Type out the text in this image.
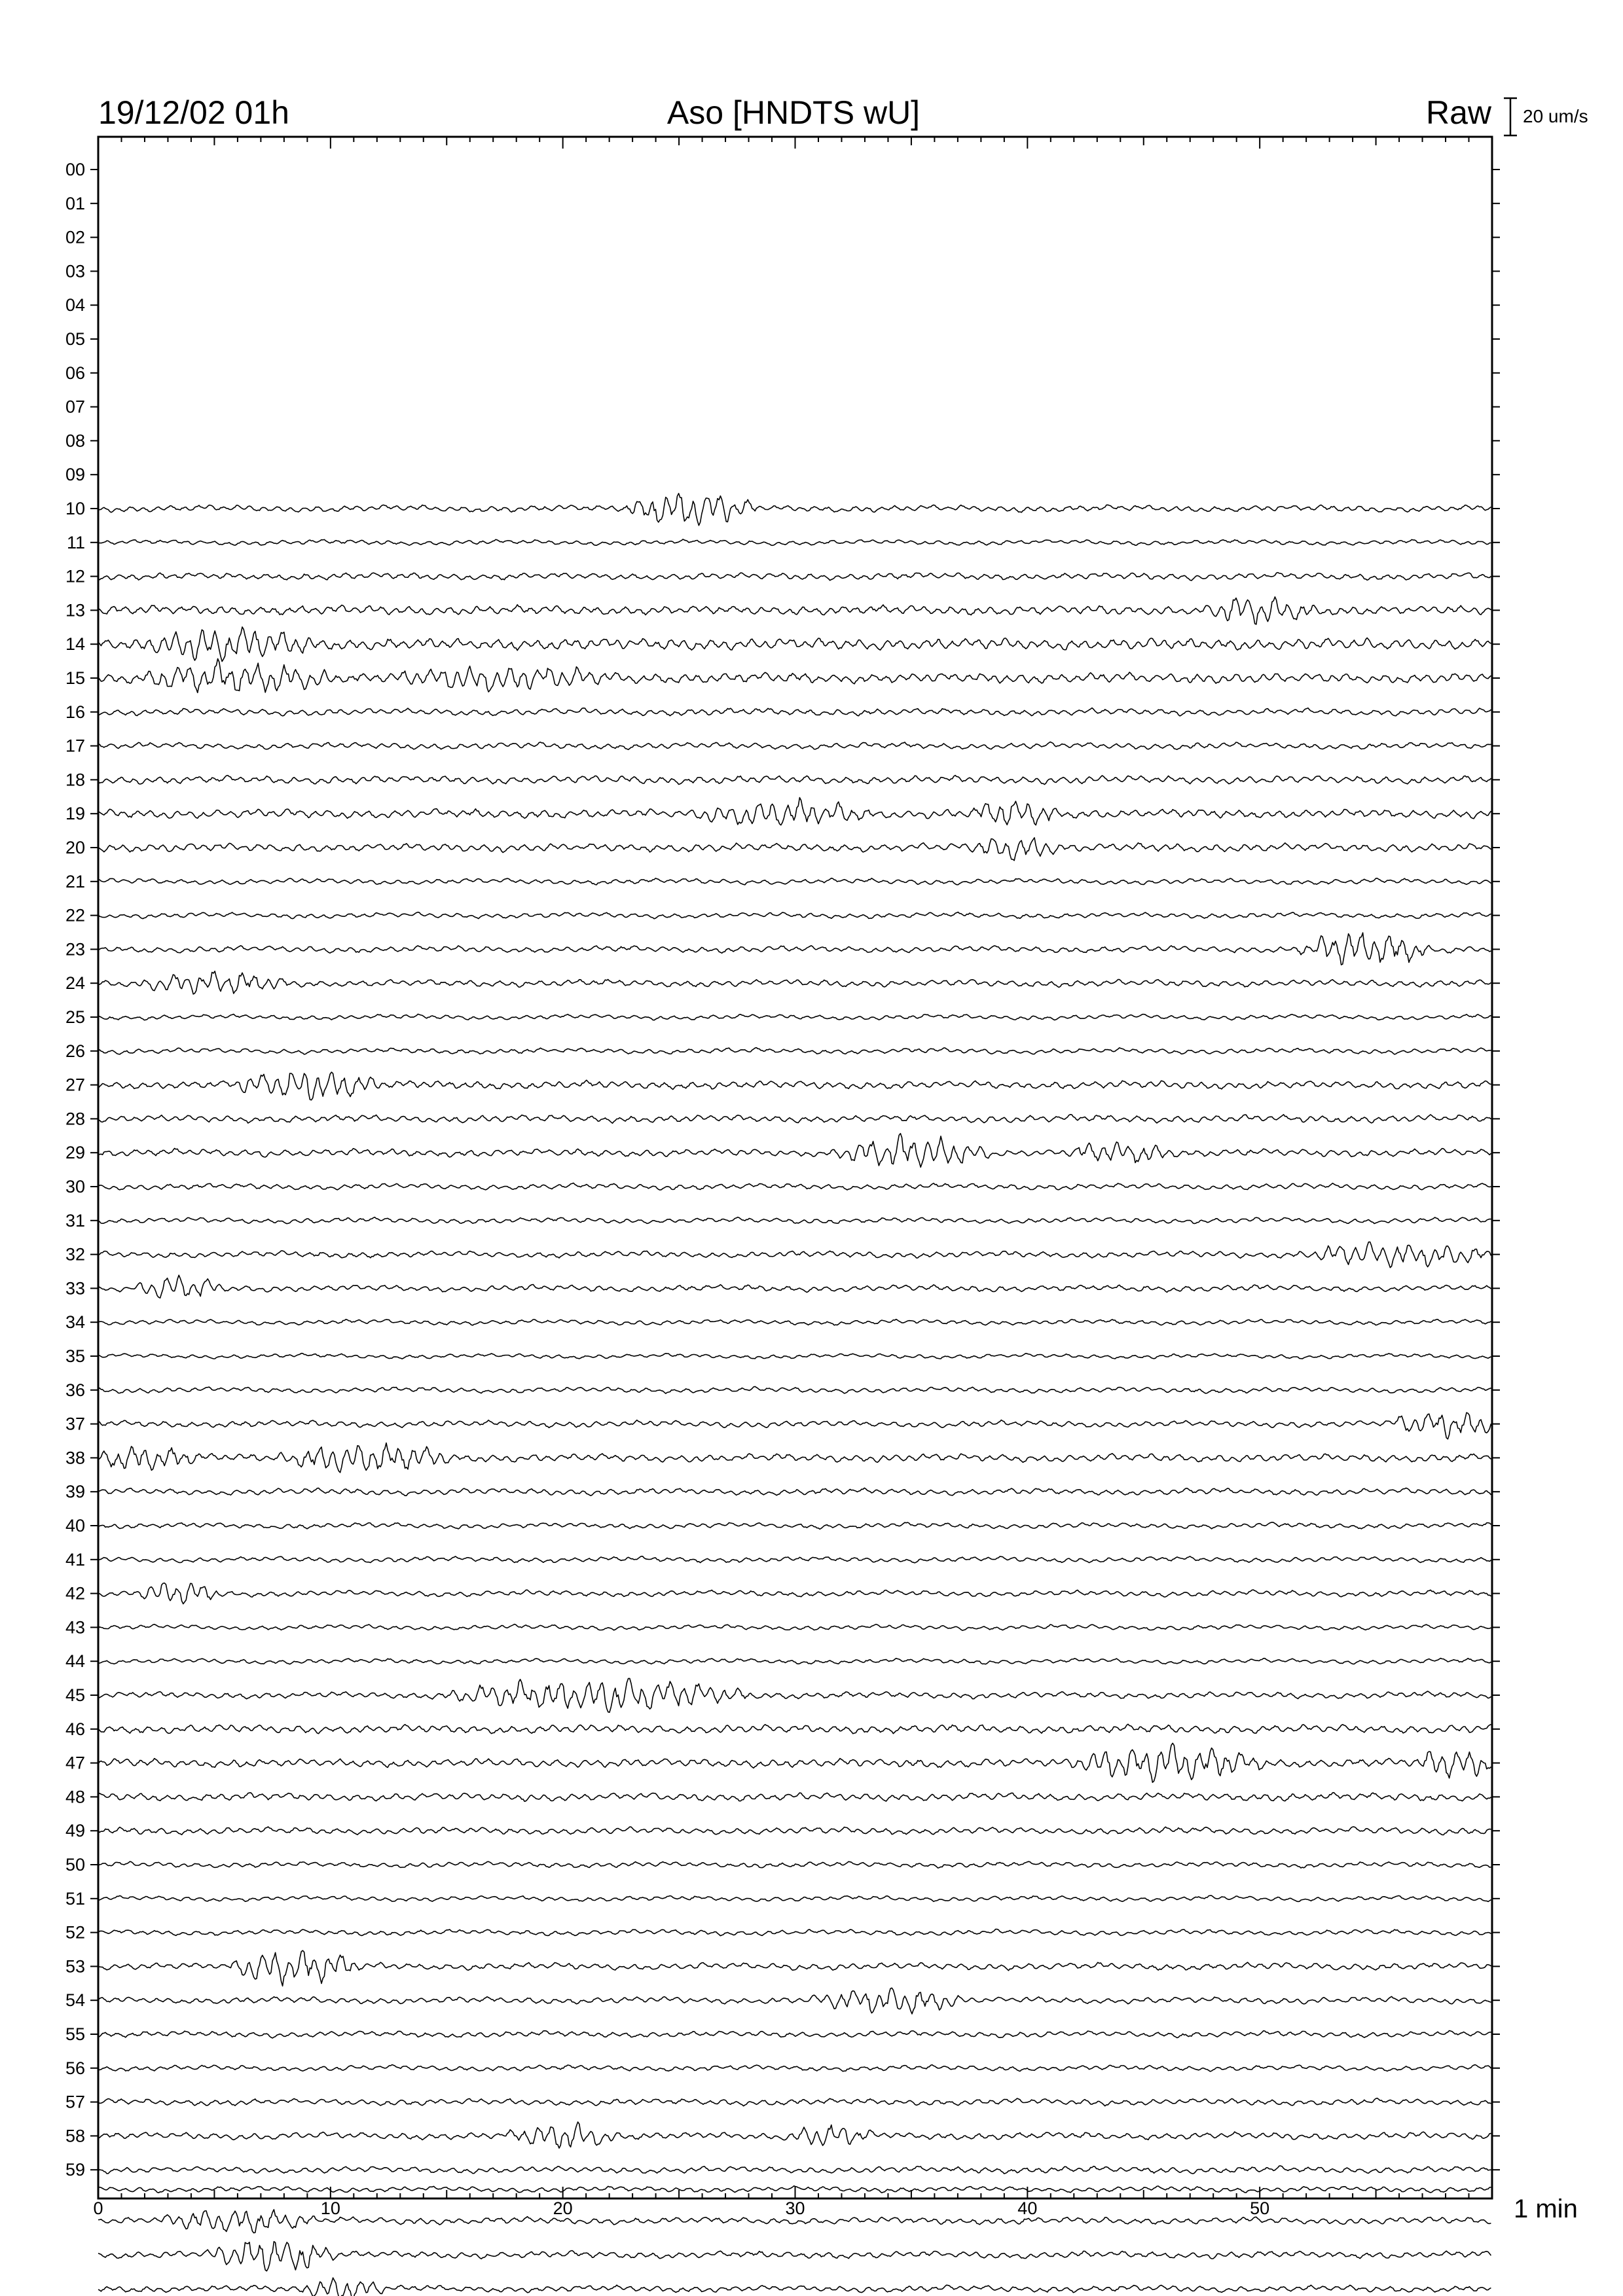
19/12/02 01h	Aso [HNDTS wU]	Raw 20 um/s
00
01
02
03
04
05
06
07
08
09
10
11
12
13
14
15
16
17
18
19
20
21
22
23
24
25
26
27
28
29
30
31
32
33
34
35
36
37
38
39
40
41
42
43
44
45
46
47
48
49
50
51
52
53
54
55
56
57
58
59
0	10	20	30	40	50	1 min
